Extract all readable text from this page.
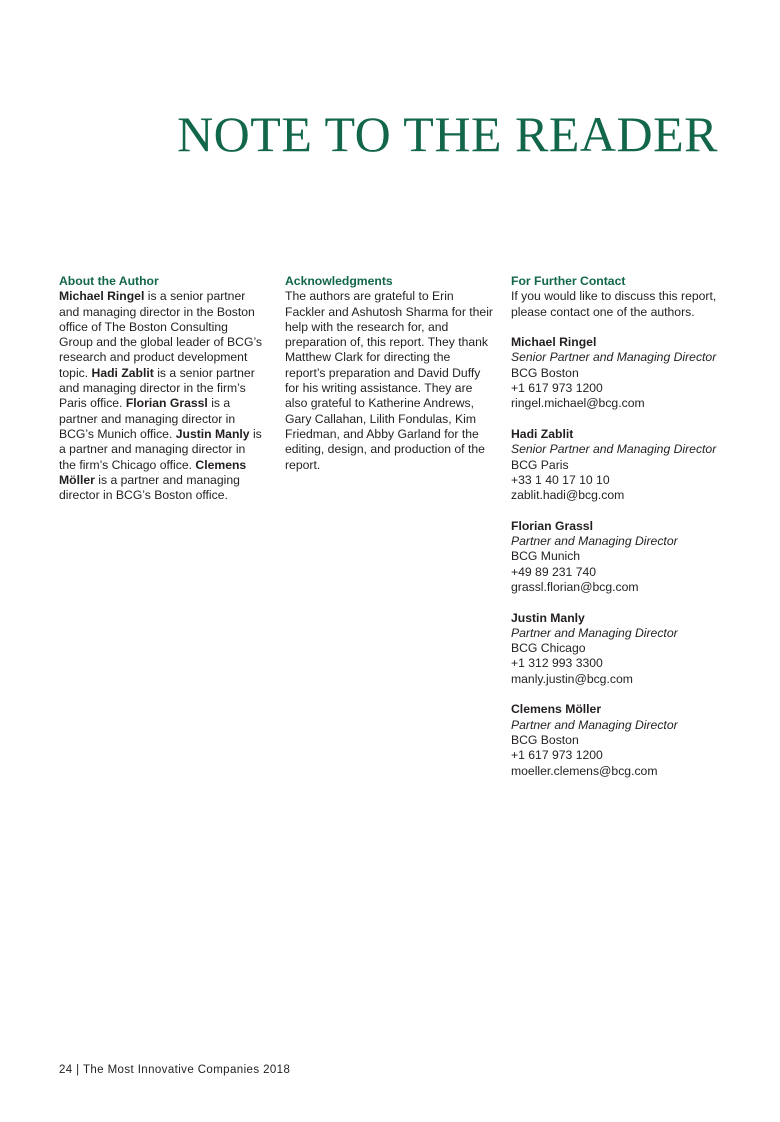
NOTE TO THE READER
About the Author

Michael Ringel is a senior partner and managing director in the Boston office of The Boston Consulting Group and the global leader of BCG’s research and product development topic. Hadi Zablit is a senior partner and managing director in the firm’s Paris office. Florian Grassl is a partner and managing director in BCG’s Munich office. Justin Manly is a partner and managing director in the firm’s Chicago office. Clemens Möller is a partner and managing director in BCG’s Boston office.

Acknowledgments

The authors are grateful to Erin Fackler and Ashutosh Sharma for their help with the research for, and preparation of, this report. They thank Matthew Clark for directing the report’s preparation and David Duffy for his writing assistance. They are also grateful to Katherine Andrews, Gary Callahan, Lilith Fondulas, Kim Friedman, and Abby Garland for the editing, design, and production of the report.

For Further Contact

If you would like to discuss this report, please contact one of the authors.

Michael Ringel
Senior Partner and Managing Director
BCG Boston
+1 617 973 1200
ringel.michael@bcg.com
Hadi Zablit
Senior Partner and Managing Director
BCG Paris
+33 1 40 17 10 10
zablit.hadi@bcg.com
Florian Grassl
Partner and Managing Director
BCG Munich
+49 89 231 740
grassl.florian@bcg.com
Justin Manly
Partner and Managing Director
BCG Chicago
+1 312 993 3300
manly.justin@bcg.com
Clemens Möller
Partner and Managing Director
BCG Boston
+1 617 973 1200
moeller.clemens@bcg.com
24 | The Most Innovative Companies 2018
